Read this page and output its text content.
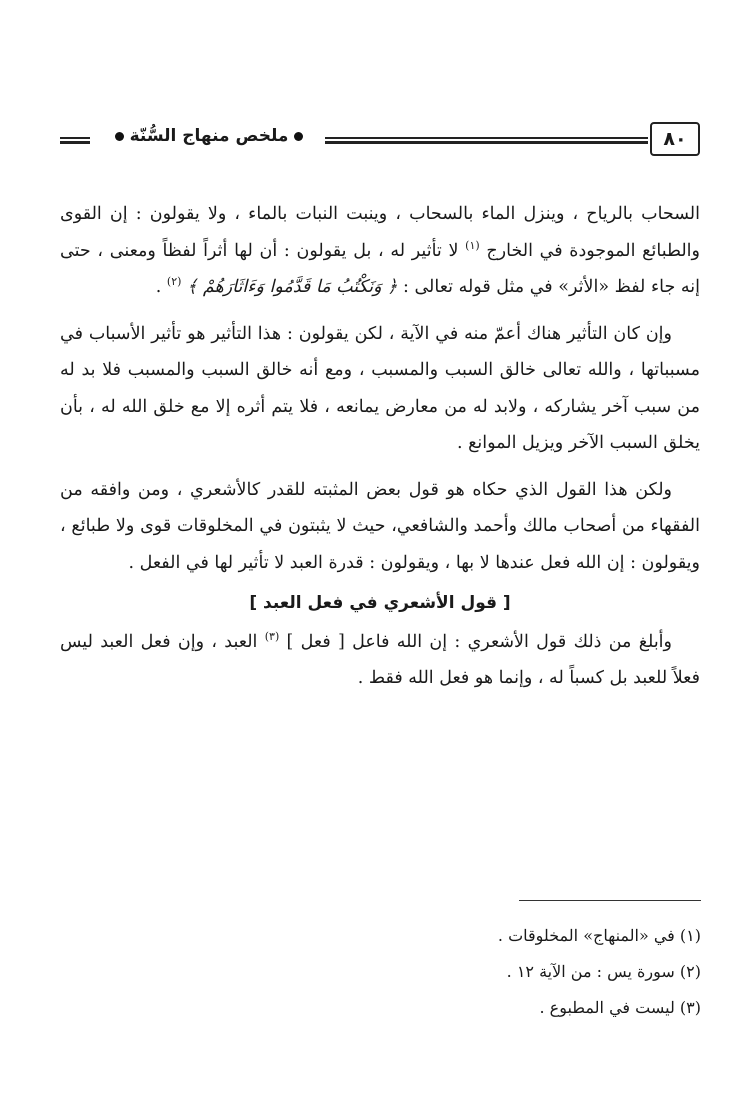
ملخص منهاج السُّنّة	٨٠

السحاب بالرياح ، وينزل الماء بالسحاب ، وينبت النبات بالماء ، ولا يقولون : إن القوى والطبائع الموجودة في الخارج $^{(١)}$ لا تأثير له ، بل يقولون : أن لها أثراً لفظاً ومعنى ، حتى إنه جاء لفظ «الأثر» في مثل قوله تعالى : ﴿ وَنَكْتُبُ مَا قَدَّمُوا وَءَاثَارَهُمْ ﴾ $^{(٢)}$ .

وإن كان التأثير هناك أعمّ منه في الآية ، لكن يقولون : هذا التأثير هو تأثير الأسباب في مسبباتها ، والله تعالى خالق السبب والمسبب ، ومع أنه خالق السبب والمسبب فلا بد له من سبب آخر يشاركه ، ولابد له من معارض يمانعه ، فلا يتم أثره إلا مع خلق الله له ، بأن يخلق السبب الآخر ويزيل الموانع .

ولكن هذا القول الذي حكاه هو قول بعض المثبته للقدر كالأشعري ، ومن وافقه من الفقهاء من أصحاب مالك وأحمد والشافعي، حيث لا يثبتون في المخلوقات قوى ولا طبائع ، ويقولون : إن الله فعل عندها لا بها ، ويقولون : قدرة العبد لا تأثير لها في الفعل .

[ قول الأشعري في فعل العبد ]

وأبلغ من ذلك قول الأشعري : إن الله فاعل [ فعل ] $^{(٣)}$ العبد ، وإن فعل العبد ليس فعلاً للعبد بل كسباً له ، وإنما هو فعل الله فقط .

(١) في «المنهاج» المخلوقات .

(٢) سورة يس : من الآية ١٢ .

(٣) ليست في المطبوع .
